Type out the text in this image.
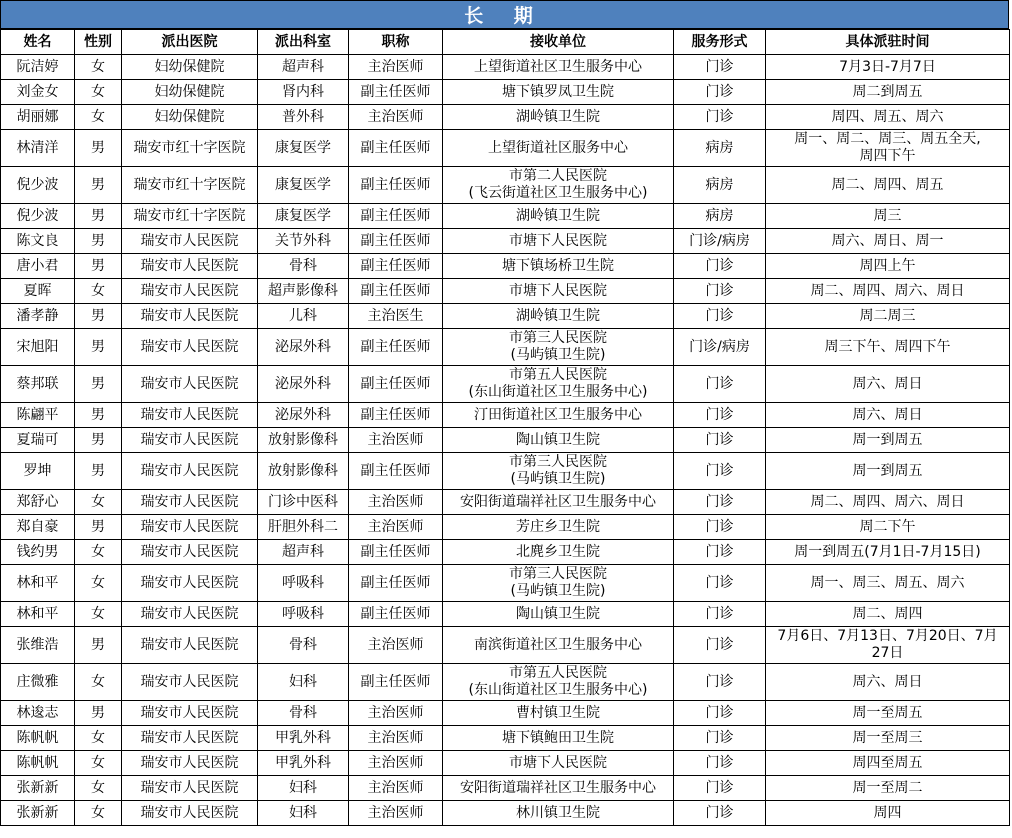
长 期
姓名	性别	派出医院	派出科室	职称	接收单位	服务形式	具体派驻时间
阮洁婷	女	妇幼保健院	超声科	主治医师	上望街道社区卫生服务中心	门诊	7月3日-7月7日

刘金女	女	妇幼保健院	肾内科	副主任医师	塘下镇罗凤卫生院	门诊	周二到周五

胡丽娜	女	妇幼保健院	普外科	主治医师	湖岭镇卫生院	门诊	周四、周五、周六

林清洋	男	瑞安市红十字医院	康复医学	副主任医师	上望街道社区服务中心	病房	周一、周二、周三、周五全天,
周四下午

倪少波	男	瑞安市红十字医院	康复医学	副主任医师	市第二人民医院
(飞云街道社区卫生服务中心)	病房	周二、周四、周五

倪少波	男	瑞安市红十字医院	康复医学	副主任医师	湖岭镇卫生院	病房	周三

陈文良	男	瑞安市人民医院	关节外科	副主任医师	市塘下人民医院	门诊/病房	周六、周日、周一

唐小君	男	瑞安市人民医院	骨科	副主任医师	塘下镇场桥卫生院	门诊	周四上午

夏晖	女	瑞安市人民医院	超声影像科	副主任医师	市塘下人民医院	门诊	周二、周四、周六、周日

潘孝静	男	瑞安市人民医院	儿科	主治医生	湖岭镇卫生院	门诊	周二周三

宋旭阳	男	瑞安市人民医院	泌尿外科	副主任医师	市第三人民医院
(马屿镇卫生院)	门诊/病房	周三下午、周四下午

蔡邦联	男	瑞安市人民医院	泌尿外科	副主任医师	市第五人民医院
(东山街道社区卫生服务中心)	门诊	周六、周日

陈翩平	男	瑞安市人民医院	泌尿外科	副主任医师	汀田街道社区卫生服务中心	门诊	周六、周日

夏瑞可	男	瑞安市人民医院	放射影像科	主治医师	陶山镇卫生院	门诊	周一到周五

罗坤	男	瑞安市人民医院	放射影像科	副主任医师	市第三人民医院
(马屿镇卫生院)	门诊	周一到周五

郑舒心	女	瑞安市人民医院	门诊中医科	主治医师	安阳街道瑞祥社区卫生服务中心	门诊	周二、周四、周六、周日

郑自豪	男	瑞安市人民医院	肝胆外科二	主治医师	芳庄乡卫生院	门诊	周二下午

钱约男	女	瑞安市人民医院	超声科	副主任医师	北麂乡卫生院	门诊	周一到周五(7月1日-7月15日)

林和平	女	瑞安市人民医院	呼吸科	副主任医师	市第三人民医院
(马屿镇卫生院)	门诊	周一、周三、周五、周六

林和平	女	瑞安市人民医院	呼吸科	副主任医师	陶山镇卫生院	门诊	周二、周四

张维浩	男	瑞安市人民医院	骨科	主治医师	南滨街道社区卫生服务中心	门诊	7月6日、7月13日、7月20日、7月
27日

庄微雅	女	瑞安市人民医院	妇科	副主任医师	市第五人民医院
(东山街道社区卫生服务中心)	门诊	周六、周日

林逡志	男	瑞安市人民医院	骨科	主治医师	曹村镇卫生院	门诊	周一至周五

陈帆帆	女	瑞安市人民医院	甲乳外科	主治医师	塘下镇鲍田卫生院	门诊	周一至周三

陈帆帆	女	瑞安市人民医院	甲乳外科	主治医师	市塘下人民医院	门诊	周四至周五

张新新	女	瑞安市人民医院	妇科	主治医师	安阳街道瑞祥社区卫生服务中心	门诊	周一至周二

张新新	女	瑞安市人民医院	妇科	主治医师	林川镇卫生院	门诊	周四
